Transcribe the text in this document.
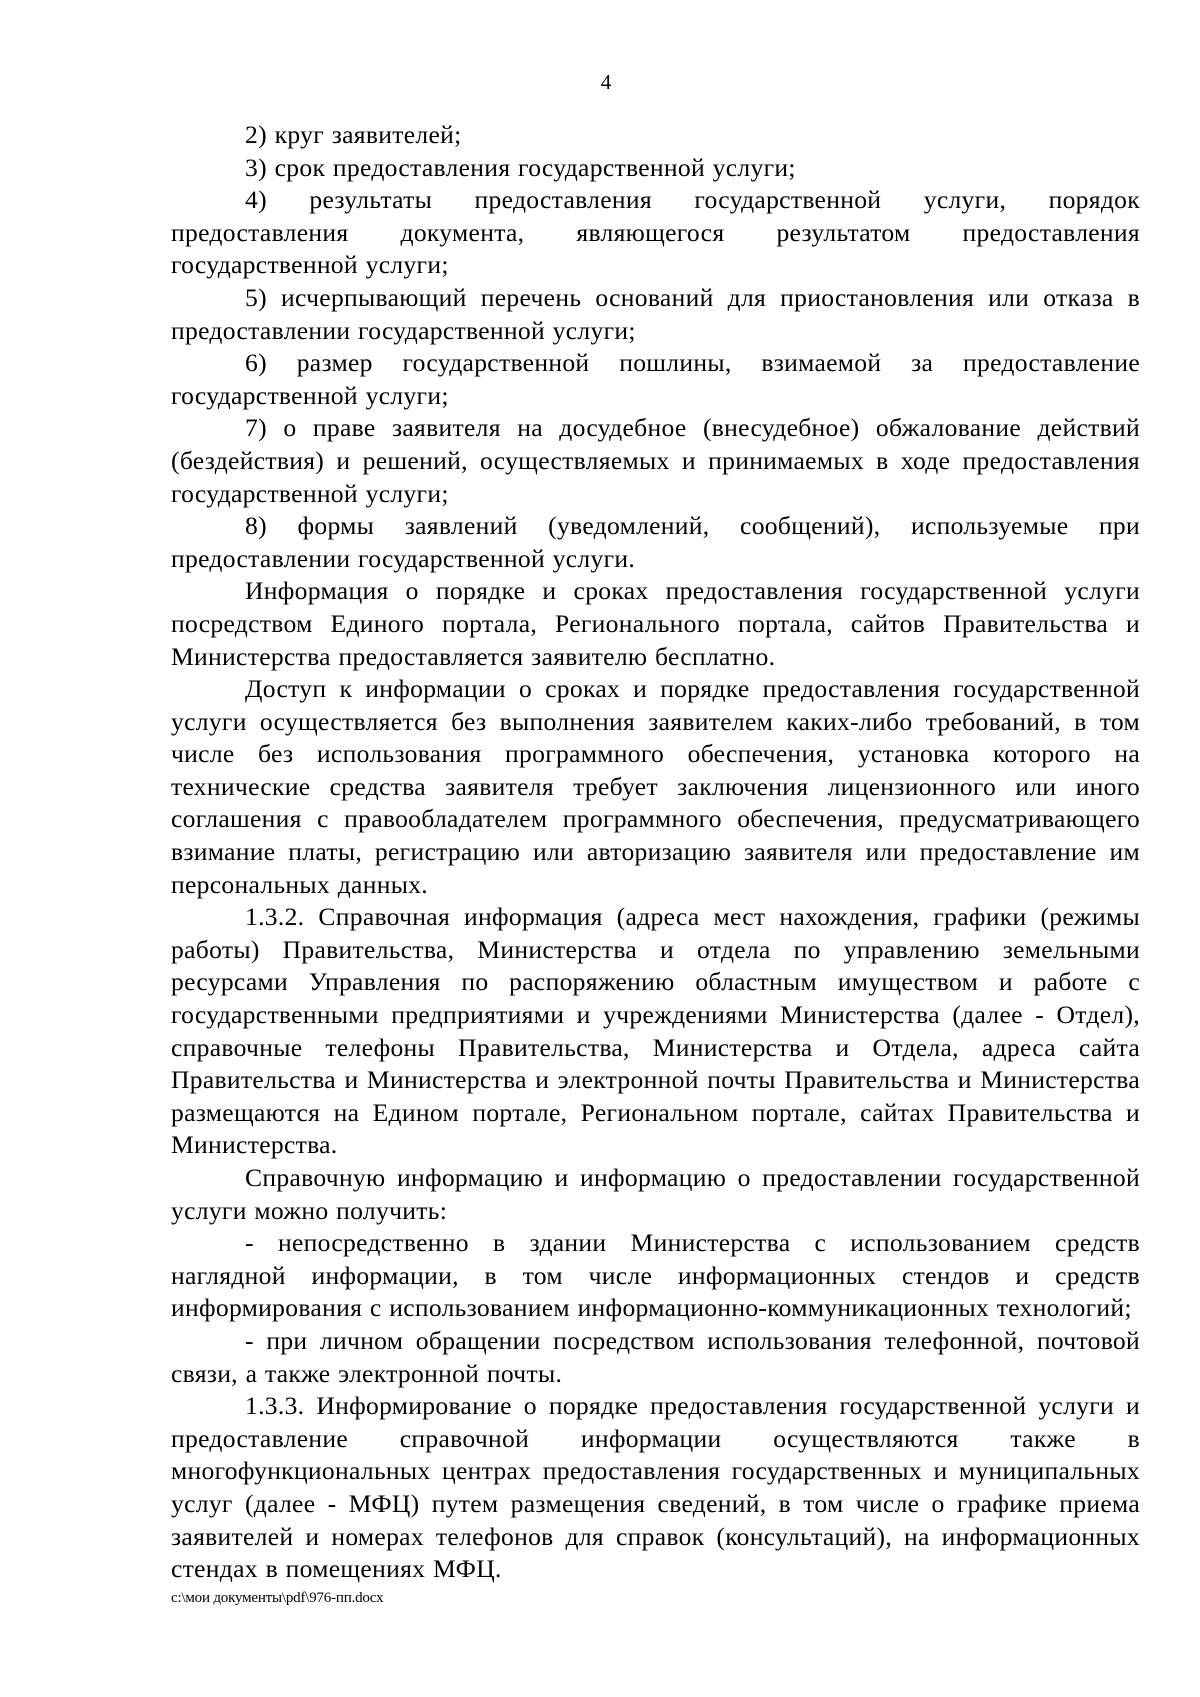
4

2) круг заявителей;

3) срок предоставления государственной услуги;

4) результаты предоставления государственной услуги, порядок предоставления документа, являющегося результатом предоставления государственной услуги;

5) исчерпывающий перечень оснований для приостановления или отказа в предоставлении государственной услуги;

6) размер государственной пошлины, взимаемой за предоставление государственной услуги;

7) о праве заявителя на досудебное (внесудебное) обжалование действий (бездействия) и решений, осуществляемых и принимаемых в ходе предоставления государственной услуги;

8) формы заявлений (уведомлений, сообщений), используемые при предоставлении государственной услуги.

Информация о порядке и сроках предоставления государственной услуги посредством Единого портала, Регионального портала, сайтов Правительства и Министерства предоставляется заявителю бесплатно.

Доступ к информации о сроках и порядке предоставления государственной услуги осуществляется без выполнения заявителем каких-либо требований, в том числе без использования программного обеспечения, установка которого на технические средства заявителя требует заключения лицензионного или иного соглашения с правообладателем программного обеспечения, предусматривающего взимание платы, регистрацию или авторизацию заявителя или предоставление им персональных данных.

1.3.2. Справочная информация (адреса мест нахождения, графики (режимы работы) Правительства, Министерства и отдела по управлению земельными ресурсами Управления по распоряжению областным имуществом и работе с государственными предприятиями и учреждениями Министерства (далее - Отдел), справочные телефоны Правительства, Министерства и Отдела, адреса сайта Правительства и Министерства и электронной почты Правительства и Министерства размещаются на Едином портале, Региональном портале, сайтах Правительства и Министерства.

Справочную информацию и информацию о предоставлении государственной услуги можно получить:

- непосредственно в здании Министерства с использованием средств наглядной информации, в том числе информационных стендов и средств информирования с использованием информационно-коммуникационных технологий;

- при личном обращении посредством использования телефонной, почтовой связи, а также электронной почты.

1.3.3. Информирование о порядке предоставления государственной услуги и предоставление справочной информации осуществляются также в многофункциональных центрах предоставления государственных и муниципальных услуг (далее - МФЦ) путем размещения сведений, в том числе о графике приема заявителей и номерах телефонов для справок (консультаций), на информационных стендах в помещениях МФЦ.

c:\мои документы\pdf\976-пп.docx
